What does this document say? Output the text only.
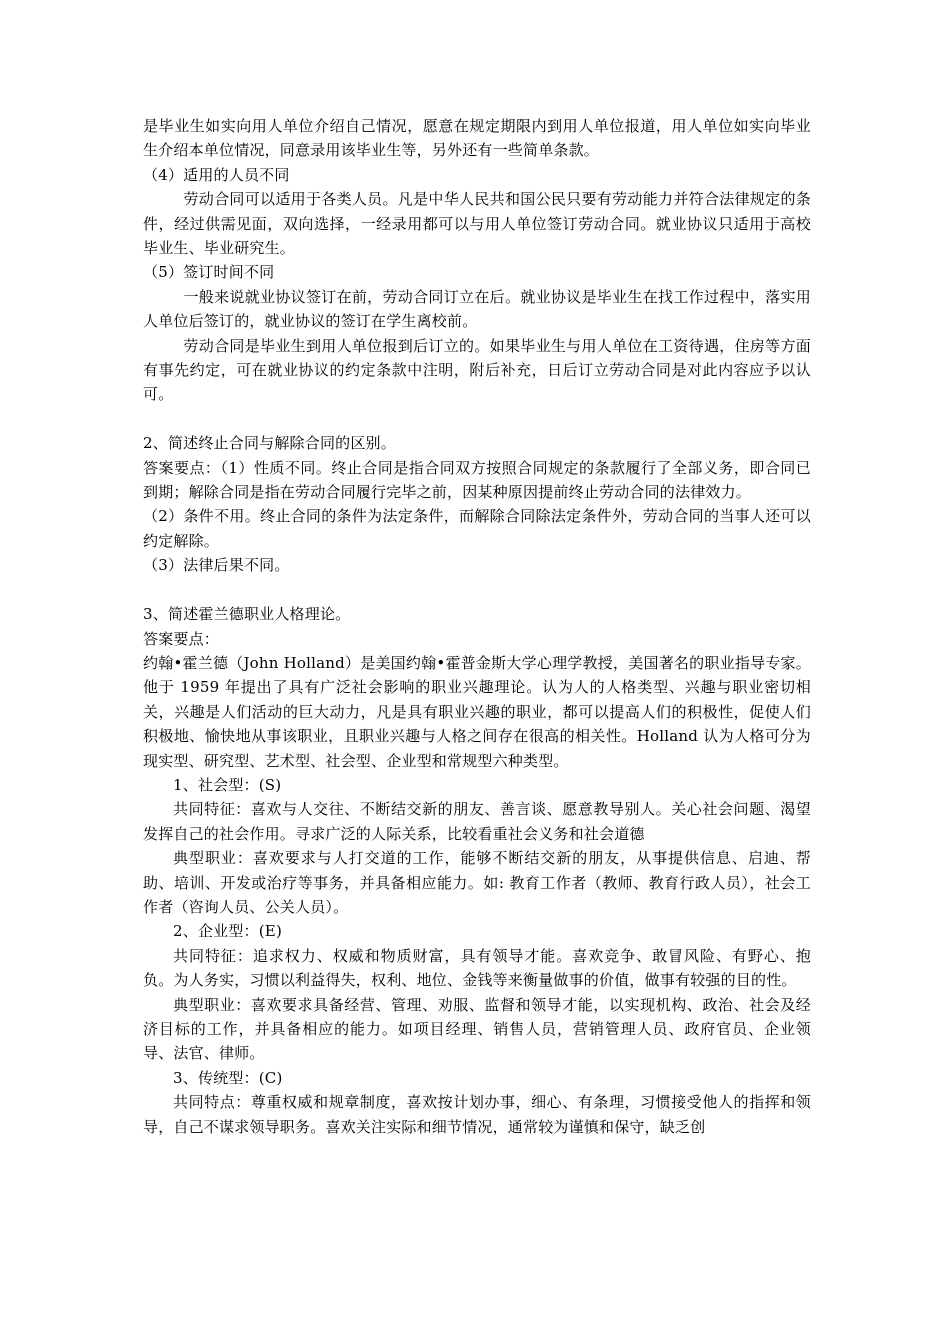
是毕业生如实向用人单位介绍自己情况，愿意在规定期限内到用人单位报道，用人单位如实向毕业生介绍本单位情况，同意录用该毕业生等，另外还有一些简单条款。

（4）适用的人员不同

劳动合同可以适用于各类人员。凡是中华人民共和国公民只要有劳动能力并符合法律规定的条件，经过供需见面，双向选择，一经录用都可以与用人单位签订劳动合同。就业协议只适用于高校毕业生、毕业研究生。

（5）签订时间不同

一般来说就业协议签订在前，劳动合同订立在后。就业协议是毕业生在找工作过程中，落实用人单位后签订的，就业协议的签订在学生离校前。

劳动合同是毕业生到用人单位报到后订立的。如果毕业生与用人单位在工资待遇，住房等方面有事先约定，可在就业协议的约定条款中注明，附后补充，日后订立劳动合同是对此内容应予以认可。

2、简述终止合同与解除合同的区别。

答案要点：（1）性质不同。终止合同是指合同双方按照合同规定的条款履行了全部义务，即合同已到期；解除合同是指在劳动合同履行完毕之前，因某种原因提前终止劳动合同的法律效力。

（2）条件不用。终止合同的条件为法定条件，而解除合同除法定条件外，劳动合同的当事人还可以约定解除。

（3）法律后果不同。

3、简述霍兰德职业人格理论。

答案要点：

约翰•霍兰德（John Holland）是美国约翰•霍普金斯大学心理学教授，美国著名的职业指导专家。他于 1959 年提出了具有广泛社会影响的职业兴趣理论。认为人的人格类型、兴趣与职业密切相关，兴趣是人们活动的巨大动力，凡是具有职业兴趣的职业，都可以提高人们的积极性，促使人们积极地、愉快地从事该职业，且职业兴趣与人格之间存在很高的相关性。Holland 认为人格可分为现实型、研究型、艺术型、社会型、企业型和常规型六种类型。

1、社会型：(S)

共同特征：喜欢与人交往、不断结交新的朋友、善言谈、愿意教导别人。关心社会问题、渴望发挥自己的社会作用。寻求广泛的人际关系，比较看重社会义务和社会道德

典型职业：喜欢要求与人打交道的工作，能够不断结交新的朋友，从事提供信息、启迪、帮助、培训、开发或治疗等事务，并具备相应能力。如: 教育工作者（教师、教育行政人员），社会工作者（咨询人员、公关人员）。

2、企业型：(E)

共同特征：追求权力、权威和物质财富，具有领导才能。喜欢竞争、敢冒风险、有野心、抱负。为人务实，习惯以利益得失，权利、地位、金钱等来衡量做事的价值，做事有较强的目的性。

典型职业：喜欢要求具备经营、管理、劝服、监督和领导才能，以实现机构、政治、社会及经济目标的工作，并具备相应的能力。如项目经理、销售人员，营销管理人员、政府官员、企业领导、法官、律师。

3、传统型：(C)

共同特点：尊重权威和规章制度，喜欢按计划办事，细心、有条理，习惯接受他人的指挥和领导，自己不谋求领导职务。喜欢关注实际和细节情况，通常较为谨慎和保守，缺乏创
